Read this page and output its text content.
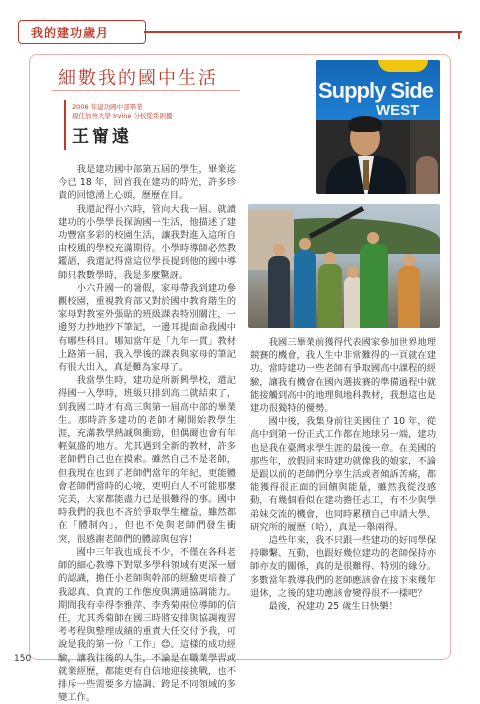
我的建功歲月
細數我的國中生活
2006 年建功國中部畢業
現任加州大學 Irvine 分校從系困擾
王甯遠
Supply Side
WEST

我是建功國中部第五屆的學生，畢業迄今已 18 年，回首我在建功的時光，許多珍貴的回憶湧上心頭，歷歷在目。

我還記得小六時，管向大我一屆、就讀建功的小學學長探詢國一生活，他描述了建功豐富多彩的校園生活，讓我對進入這所自由校風的學校充滿期待。小學時導師必然教鑑語，我還記得當這位學長提到他的國中導師只教數學時，我是多麼驚訝。

小六升國一的暑假，家母帶我到建功參觀校園，重視教育部又對於國中教育階生的家母對教室外張貼的班級課表特別關注，一邊努力抄地抄下筆記，一邊耳提面命我國中有哪些科目。哪知當年是「九年一貫」教材上路第一屆，我入學後的課表與家母的筆記有很大出入，真是難為家母了。

我當學生時，建功是所新興學校，還記得國一入學時，班級只排到高二就結束了，到我國二時才有高三與第一屆高中部的畢業生。那時許多建功的老師才剛開始教學生涯，充滿教學熱誠與衝勁，但偶爾也會有年輕氣盛的地方。尤其遇到全新的教材，許多老師們自己也在摸索。雖然自己不是老師，但我現在也到了老師們當年的年紀，更能體會老師們當時的心境，更明白人不可能那麼完美，大家都能盡力已是很難得的事。國中時我們的我也不吝於爭取學生權益，雖然都在「體制內」，但也不免與老師們發生衝突，很感謝老師們的體諒與包容！

國中三年我也成長不少，不僅在各科老師的細心教導下對眾多學科領域有更深一層的認識，擔任小老師與幹部的經驗更培養了我認真、負責的工作態度與溝通協調能力。期間我有幸得李雅萍、李秀菊兩位導師的信任，尤其秀菊師在國三時將安排與協調複習考考程與整理成績的重責大任交付予我，可說是我的第一份「工作」😊。這樣的成功經驗，讓我往後的人生，不論是在職業學習或就業經歷，都能更有自信地迎接挑戰，也不排斥一些需要多方協調、跨足不同領域的多變工作。

我國三畢業前獲得代表國家參加世界地理競賽的機會，我人生中非常難得的一頁就在建功。當時建功一些老師有爭取國高中課程的經驗，讓我有機會在國內選拔賽的準備過程中就能接觸到高中的地理與地科教材，我想這也是建功很獨特的優勢。

國中後，我集身前往美國住了 10 年，從高中到第一份正式工作都在地球另一端，建功也是我在臺灣求學生涯的最後一章。在美國的那些年，放假回來時建功就像我的娘家，不論是跟以前的老師們分享生活或者傾訴苦痛，都能獲得很正面的回饋與能量，雖然我從沒感動，有幾個看似在建功擔任志工，有不少與學弟妹交流的機會，也同時累積自己申請大學、研究所的履歷（哈），真是一舉兩得。

這些年來，我不只跟一些建功的好同學保持聯繫、互動，也跟好幾位建功的老師保持亦師亦友的關係，真的是很難得、特別的緣分。多數當年教導我們的老師應該會在接下來幾年退休，之後的建功應該會變得很不一樣吧？

最後，祝建功 25 歲生日快樂！

150
